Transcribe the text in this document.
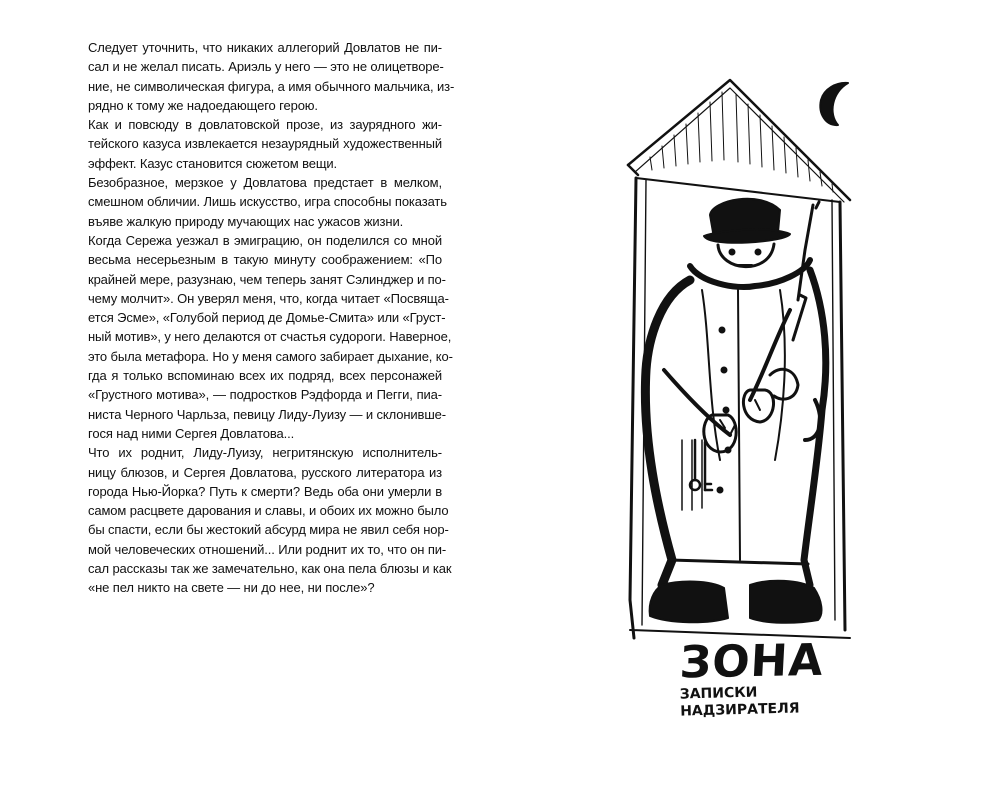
Следует уточнить, что никаких аллегорий Довлатов не пи-
сал и не желал писать. Ариэль у него — это не олицетворе-
ние, не символическая фигура, а имя обычного мальчика, из-
рядно к тому же надоедающего герою.

Как и повсюду в довлатовской прозе, из заурядного жи-
тейского казуса извлекается незаурядный художественный
эффект. Казус становится сюжетом вещи.

Безобразное, мерзкое у Довлатова предстает в мелком,
смешном обличии. Лишь искусство, игра способны показать
въяве жалкую природу мучающих нас ужасов жизни.

Когда Сережа уезжал в эмиграцию, он поделился со мной
весьма несерьезным в такую минуту соображением: «По
крайней мере, разузнаю, чем теперь занят Сэлинджер и по-
чему молчит». Он уверял меня, что, когда читает «Посвяща-
ется Эсме», «Голубой период де Домье-Смита» или «Груст-
ный мотив», у него делаются от счастья судороги. Наверное,
это была метафора. Но у меня самого забирает дыхание, ко-
гда я только вспоминаю всех их подряд, всех персонажей
«Грустного мотива», — подростков Рэдфорда и Пегги, пиа-
ниста Черного Чарльза, певицу Лиду-Луизу — и склонивше-
гося над ними Сергея Довлатова...

Что их роднит, Лиду-Луизу, негритянскую исполнитель-
ницу блюзов, и Сергея Довлатова, русского литератора из
города Нью-Йорка? Путь к смерти? Ведь оба они умерли в
самом расцвете дарования и славы, и обоих их можно было
бы спасти, если бы жестокий абсурд мира не явил себя нор-
мой человеческих отношений... Или роднит их то, что он пи-
сал рассказы так же замечательно, как она пела блюзы и как
«не пел никто на свете — ни до нее, ни после»?

ЗОНА
ЗАПИСКИ
НАДЗИРАТЕЛЯ
